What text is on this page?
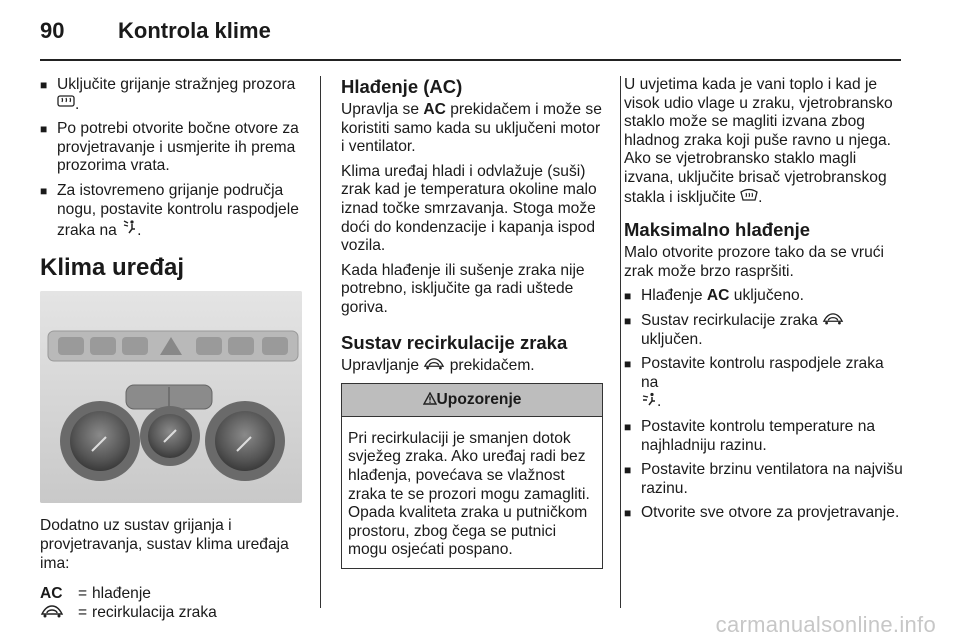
90 Kontrola klime
■ Uključite grijanje stražnjeg prozora
.
■ Po potrebi otvorite bočne otvore za provjetravanje i usmjerite ih prema prozorima vrata.
■ Za istovremeno grijanje područja nogu, postavite kontrolu raspodjele zraka na .
Klima uređaj

Dodatno uz sustav grijanja i provjetravanja, sustav klima uređaja ima:

AC = hlađenje
= recirkulacija zraka
Hlađenje (AC)

Upravlja se AC prekidačem i može se koristiti samo kada su uključeni motor i ventilator.

Klima uređaj hladi i odvlažuje (suši) zrak kad je temperatura okoline malo iznad točke smrzavanja. Stoga može doći do kondenzacije i kapanja ispod vozila.

Kada hlađenje ili sušenje zraka nije potrebno, isključite ga radi uštede goriva.

Sustav recirkulacije zraka

Upravljanje prekidačem.

Upozorenje
Pri recirkulaciji je smanjen dotok svježeg zraka. Ako uređaj radi bez hlađenja, povećava se vlažnost zraka te se prozori mogu zamagliti. Opada kvaliteta zraka u putničkom prostoru, zbog čega se putnici mogu osjećati pospano.

U uvjetima kada je vani toplo i kad je visok udio vlage u zraku, vjetrobransko staklo može se magliti izvana zbog hladnog zraka koji puše ravno u njega. Ako se vjetrobransko staklo magli izvana, uključite brisač vjetrobranskog stakla i isključite .

Maksimalno hlađenje

Malo otvorite prozore tako da se vrući zrak može brzo raspršiti.

■ Hlađenje AC uključeno.
■ Sustav recirkulacije zraka  uključen.
■ Postavite kontrolu raspodjele zraka na
.
■ Postavite kontrolu temperature na najhladniju razinu.
■ Postavite brzinu ventilatora na najvišu razinu.
■ Otvorite sve otvore za provjetravanje.
carmanualsonline.info
